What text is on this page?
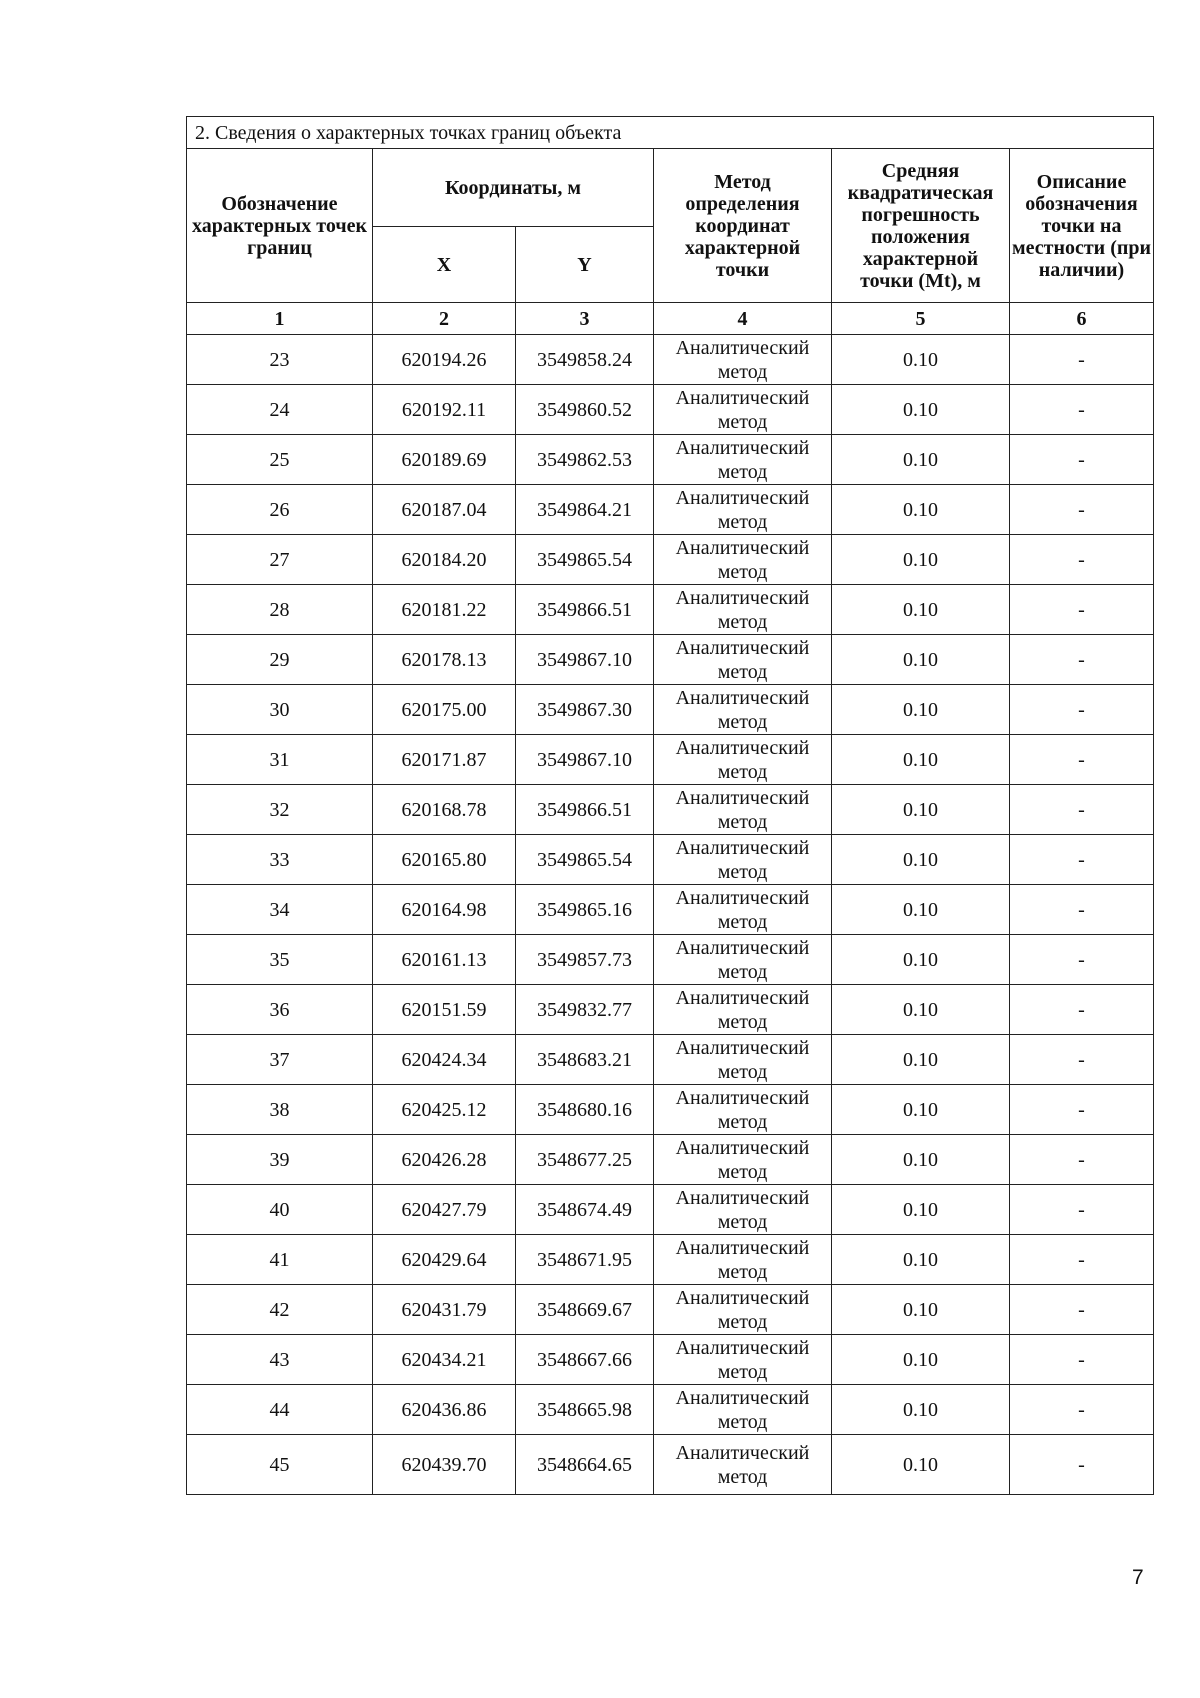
2. Сведения о характерных точках границ объекта					
Обозначение характерных точек границ	Координаты, м		Метод определения координат характерной точки	Средняя квадратическая погрешность положения характерной точки (Mt), м	Описание обозначения точки на местности (при наличии)
	X	Y			
1	2	3	4	5	6
23	620194.26	3549858.24	Аналитический метод	0.10	-
24	620192.11	3549860.52	Аналитический метод	0.10	-
25	620189.69	3549862.53	Аналитический метод	0.10	-
26	620187.04	3549864.21	Аналитический метод	0.10	-
27	620184.20	3549865.54	Аналитический метод	0.10	-
28	620181.22	3549866.51	Аналитический метод	0.10	-
29	620178.13	3549867.10	Аналитический метод	0.10	-
30	620175.00	3549867.30	Аналитический метод	0.10	-
31	620171.87	3549867.10	Аналитический метод	0.10	-
32	620168.78	3549866.51	Аналитический метод	0.10	-
33	620165.80	3549865.54	Аналитический метод	0.10	-
34	620164.98	3549865.16	Аналитический метод	0.10	-
35	620161.13	3549857.73	Аналитический метод	0.10	-
36	620151.59	3549832.77	Аналитический метод	0.10	-
37	620424.34	3548683.21	Аналитический метод	0.10	-
38	620425.12	3548680.16	Аналитический метод	0.10	-
39	620426.28	3548677.25	Аналитический метод	0.10	-
40	620427.79	3548674.49	Аналитический метод	0.10	-
41	620429.64	3548671.95	Аналитический метод	0.10	-
42	620431.79	3548669.67	Аналитический метод	0.10	-
43	620434.21	3548667.66	Аналитический метод	0.10	-
44	620436.86	3548665.98	Аналитический метод	0.10	-
45	620439.70	3548664.65	Аналитический метод	0.10	-
7
